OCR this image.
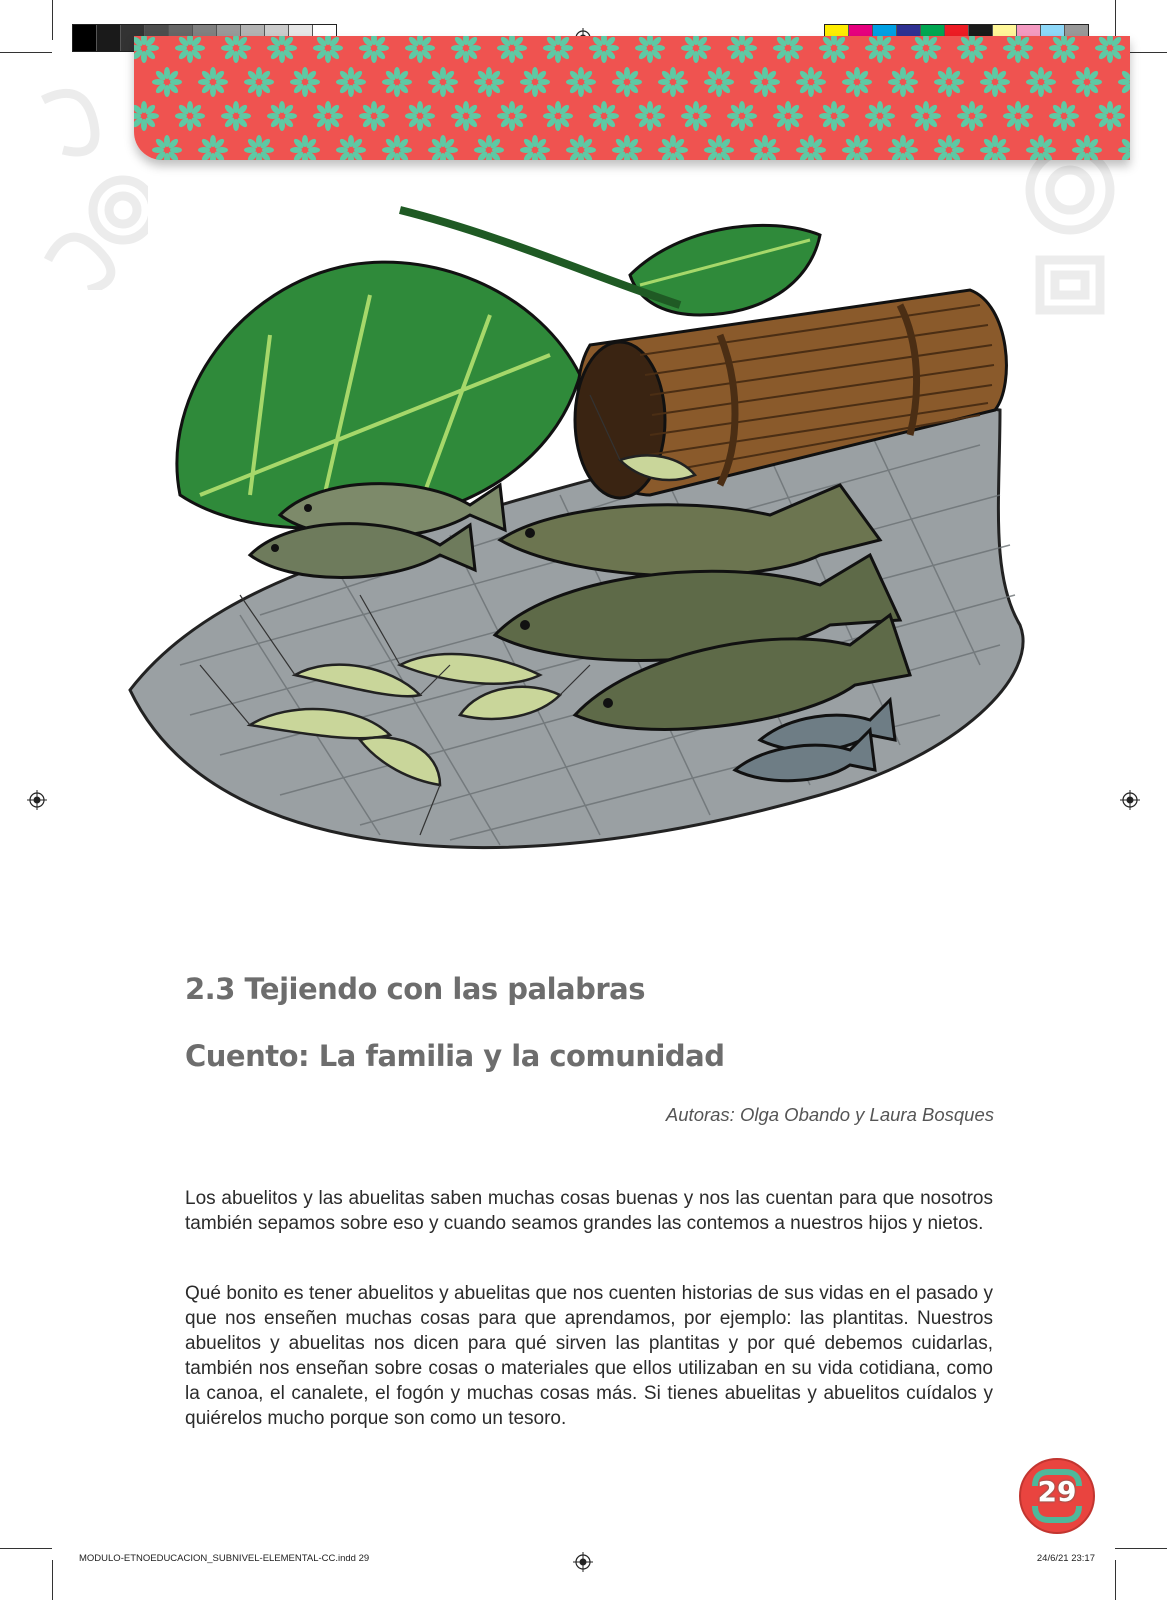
2.3 Tejiendo con las palabras
Cuento: La familia y la comunidad

Autoras: Olga Obando y Laura Bosques

Los abuelitos y las abuelitas saben muchas cosas buenas y nos las cuentan para que nosotros también sepamos sobre eso y cuando seamos grandes las contemos a nuestros hijos y nietos.

Qué bonito es tener abuelitos y abuelitas que nos cuenten historias de sus vidas en el pasado y que nos enseñen muchas cosas para que aprendamos, por ejemplo: las plantitas. Nuestros abuelitos y abuelitas nos dicen para qué sirven las plantitas y por qué debemos cuidarlas, también nos enseñan sobre cosas o materiales que ellos utilizaban en su vida cotidiana, como la canoa, el canalete, el fogón y muchas cosas más. Si tienes abuelitas y abuelitos cuídalos y quiérelos mucho porque son como un tesoro.

29
MODULO-ETNOEDUCACION_SUBNIVEL-ELEMENTAL-CC.indd 29	24/6/21 23:17
